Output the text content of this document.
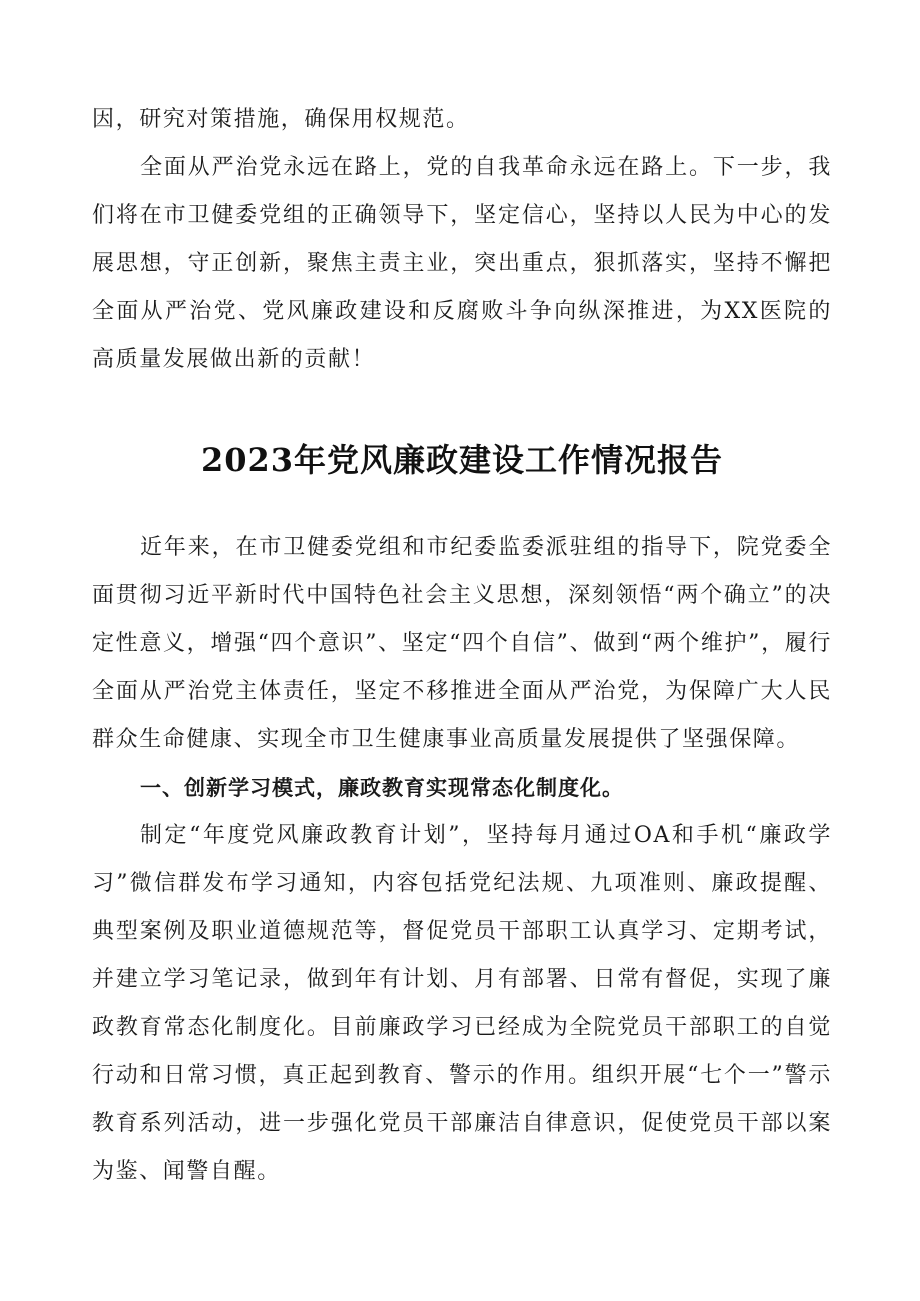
因，研究对策措施，确保用权规范。

全面从严治党永远在路上，党的自我革命永远在路上。下一步，我们将在市卫健委党组的正确领导下，坚定信心，坚持以人民为中心的发展思想，守正创新，聚焦主责主业，突出重点，狠抓落实，坚持不懈把全面从严治党、党风廉政建设和反腐败斗争向纵深推进，为XX医院的高质量发展做出新的贡献！

2023年党风廉政建设工作情况报告

近年来，在市卫健委党组和市纪委监委派驻组的指导下，院党委全面贯彻习近平新时代中国特色社会主义思想，深刻领悟“两个确立”的决定性意义，增强“四个意识”、坚定“四个自信”、做到“两个维护”，履行全面从严治党主体责任，坚定不移推进全面从严治党，为保障广大人民群众生命健康、实现全市卫生健康事业高质量发展提供了坚强保障。

一、创新学习模式，廉政教育实现常态化制度化。

制定“年度党风廉政教育计划”，坚持每月通过OA和手机“廉政学习”微信群发布学习通知，内容包括党纪法规、九项准则、廉政提醒、典型案例及职业道德规范等，督促党员干部职工认真学习、定期考试，并建立学习笔记录，做到年有计划、月有部署、日常有督促，实现了廉政教育常态化制度化。目前廉政学习已经成为全院党员干部职工的自觉行动和日常习惯，真正起到教育、警示的作用。组织开展“七个一”警示教育系列活动，进一步强化党员干部廉洁自律意识，促使党员干部以案为鉴、闻警自醒。
